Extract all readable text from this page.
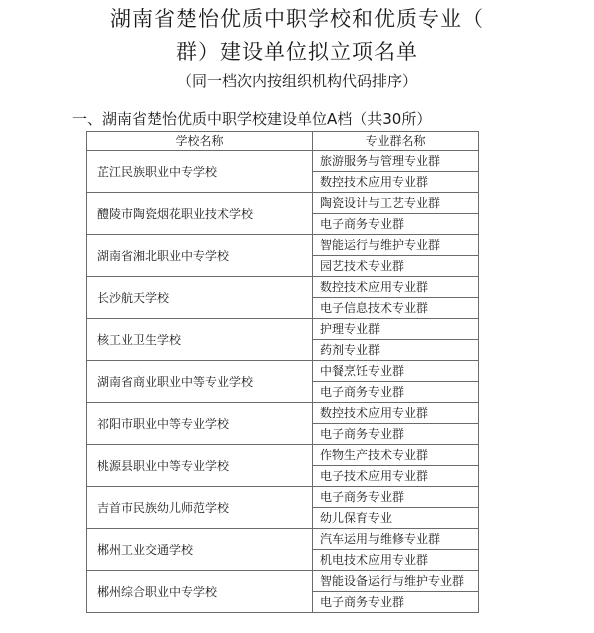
湖南省楚怡优质中职学校和优质专业（
群）建设单位拟立项名单
（同一档次内按组织机构代码排序）
一、湖南省楚怡优质中职学校建设单位A档（共30所）
学校名称	专业群名称
芷江民族职业中专学校	旅游服务与管理专业群
	数控技术应用专业群
醴陵市陶瓷烟花职业技术学校	陶瓷设计与工艺专业群
	电子商务专业群
湖南省湘北职业中专学校	智能运行与维护专业群
	园艺技术专业群
长沙航天学校	数控技术应用专业群
	电子信息技术专业群
核工业卫生学校	护理专业群
	药剂专业群
湖南省商业职业中等专业学校	中餐烹饪专业群
	电子商务专业群
祁阳市职业中等专业学校	数控技术应用专业群
	电子商务专业群
桃源县职业中等专业学校	作物生产技术专业群
	电子技术应用专业群
吉首市民族幼儿师范学校	电子商务专业群
	幼儿保育专业
郴州工业交通学校	汽车运用与维修专业群
	机电技术应用专业群
郴州综合职业中专学校	智能设备运行与维护专业群
	电子商务专业群
